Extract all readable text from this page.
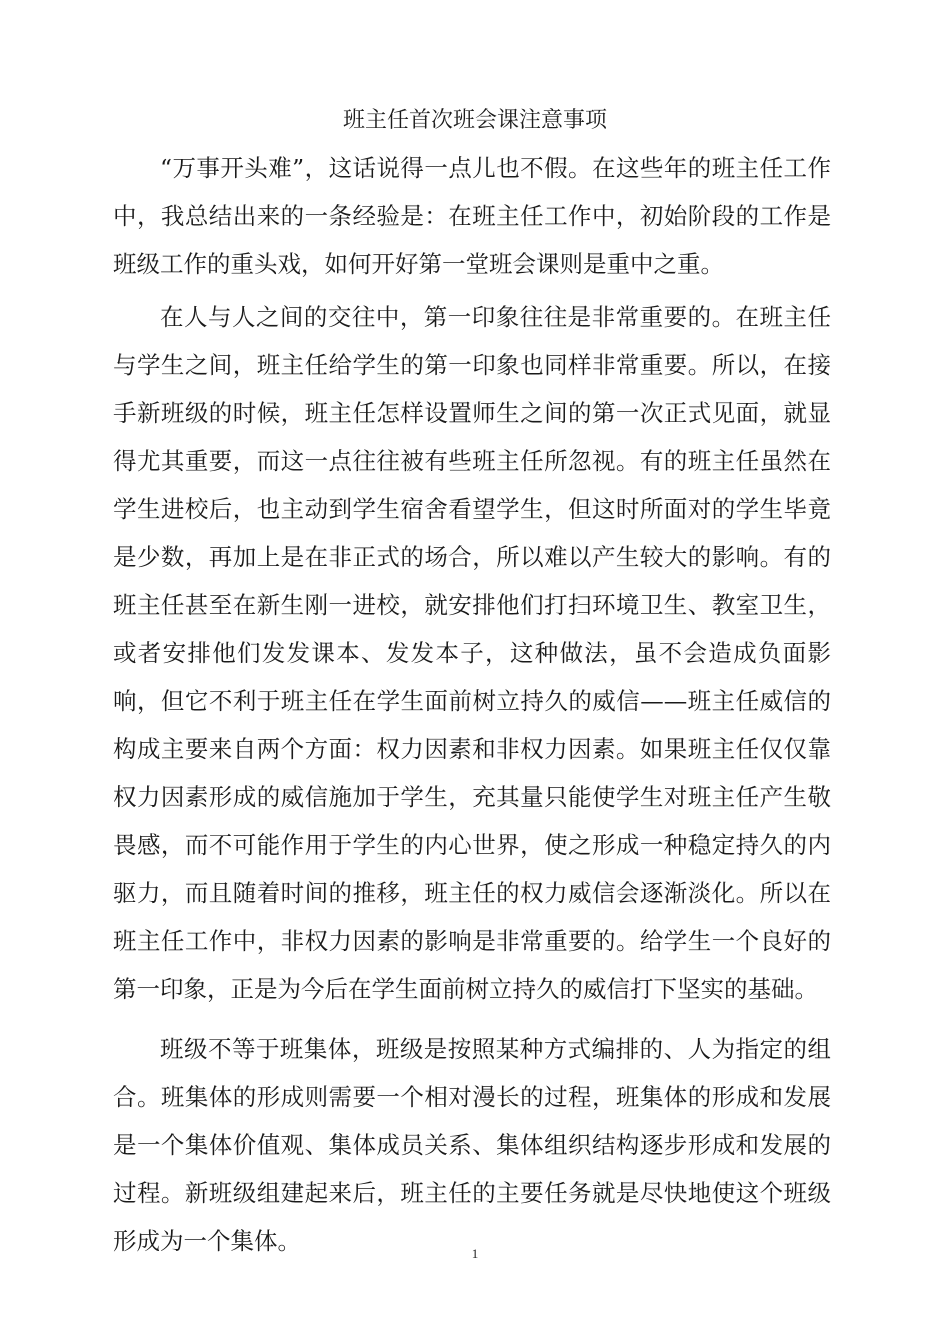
班主任首次班会课注意事项

“万事开头难”，这话说得一点儿也不假。在这些年的班主任工作中，我总结出来的一条经验是：在班主任工作中，初始阶段的工作是班级工作的重头戏，如何开好第一堂班会课则是重中之重。

在人与人之间的交往中，第一印象往往是非常重要的。在班主任与学生之间，班主任给学生的第一印象也同样非常重要。所以，在接手新班级的时候，班主任怎样设置师生之间的第一次正式见面，就显得尤其重要，而这一点往往被有些班主任所忽视。有的班主任虽然在学生进校后，也主动到学生宿舍看望学生，但这时所面对的学生毕竟是少数，再加上是在非正式的场合，所以难以产生较大的影响。有的班主任甚至在新生刚一进校，就安排他们打扫环境卫生、教室卫生，或者安排他们发发课本、发发本子，这种做法，虽不会造成负面影响，但它不利于班主任在学生面前树立持久的威信——班主任威信的构成主要来自两个方面：权力因素和非权力因素。如果班主任仅仅靠权力因素形成的威信施加于学生，充其量只能使学生对班主任产生敬畏感，而不可能作用于学生的内心世界，使之形成一种稳定持久的内驱力，而且随着时间的推移，班主任的权力威信会逐渐淡化。所以在班主任工作中，非权力因素的影响是非常重要的。给学生一个良好的第一印象，正是为今后在学生面前树立持久的威信打下坚实的基础。

班级不等于班集体，班级是按照某种方式编排的、人为指定的组合。班集体的形成则需要一个相对漫长的过程，班集体的形成和发展是一个集体价值观、集体成员关系、集体组织结构逐步形成和发展的过程。新班级组建起来后，班主任的主要任务就是尽快地使这个班级形成为一个集体。	1
